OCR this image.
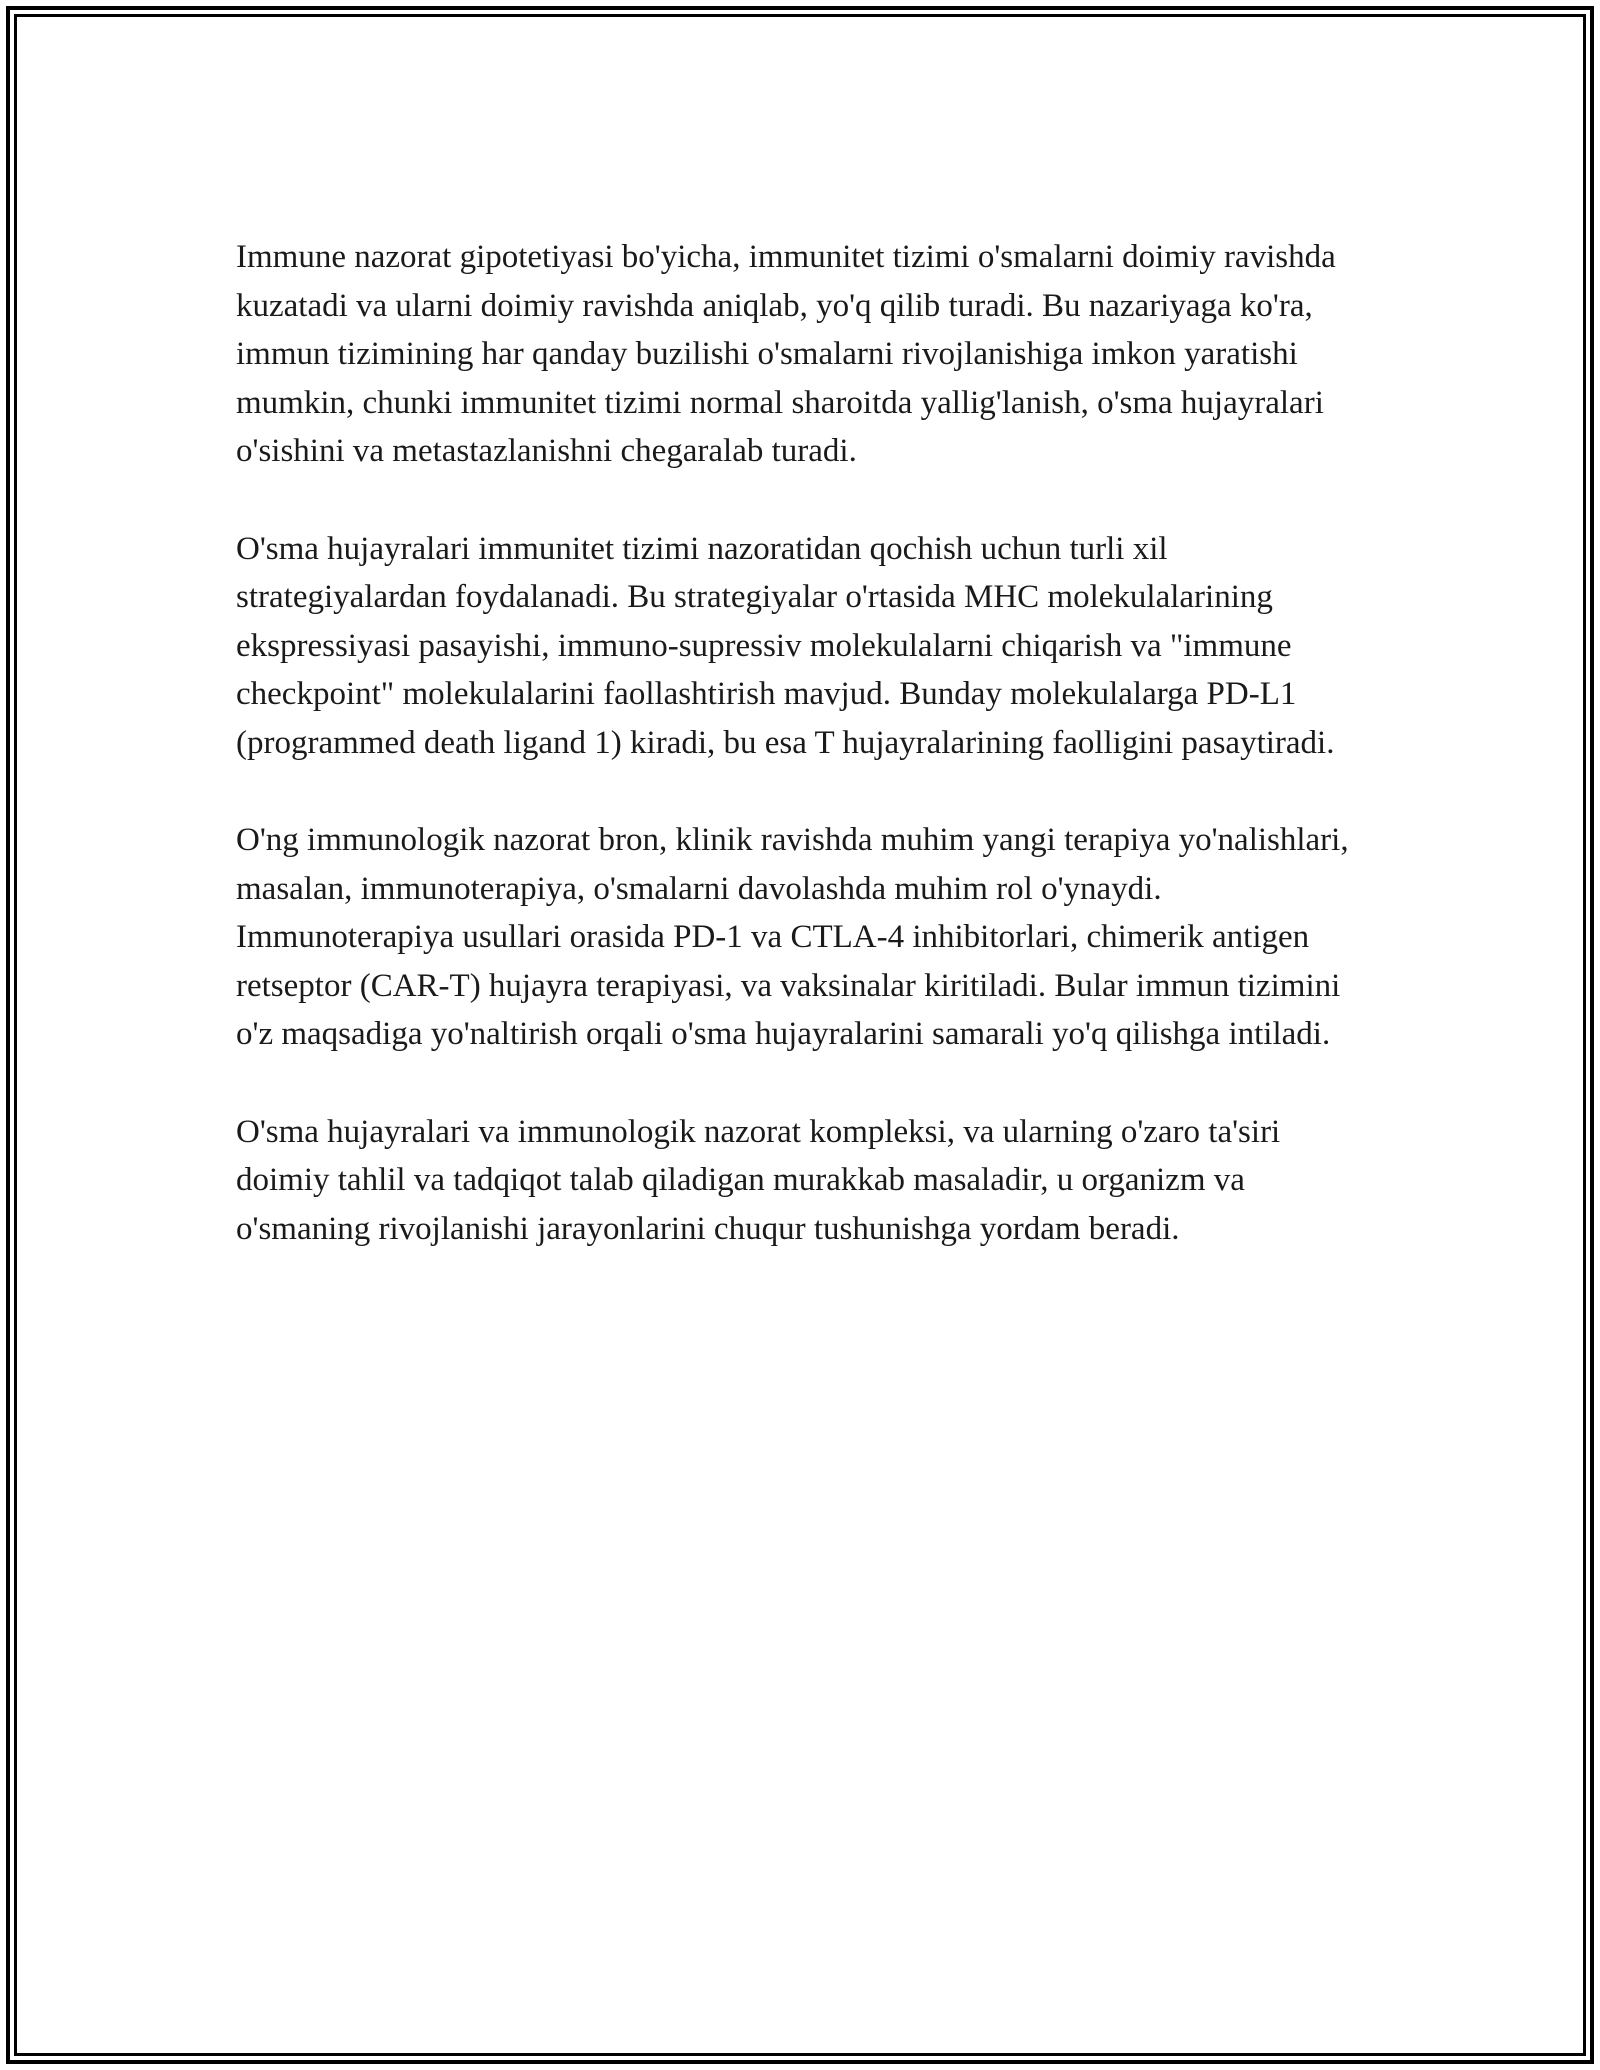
Immune nazorat gipotetiyasi bo'yicha, immunitet tizimi o'smalarni doimiy ravishda kuzatadi va ularni doimiy ravishda aniqlab, yo'q qilib turadi. Bu nazariyaga ko'ra, immun tizimining har qanday buzilishi o'smalarni rivojlanishiga imkon yaratishi mumkin, chunki immunitet tizimi normal sharoitda yallig'lanish, o'sma hujayralari o'sishini va metastazlanishni chegaralab turadi.

O'sma hujayralari immunitet tizimi nazoratidan qochish uchun turli xil strategiyalardan foydalanadi. Bu strategiyalar o'rtasida MHC molekulalarining ekspressiyasi pasayishi, immuno-supressiv molekulalarni chiqarish va "immune checkpoint" molekulalarini faollashtirish mavjud. Bunday molekulalarga PD-L1 (programmed death ligand 1) kiradi, bu esa T hujayralarining faolligini pasaytiradi.

O'ng immunologik nazorat bron, klinik ravishda muhim yangi terapiya yo'nalishlari, masalan, immunoterapiya, o'smalarni davolashda muhim rol o'ynaydi. Immunoterapiya usullari orasida PD-1 va CTLA-4 inhibitorlari, chimerik antigen retseptor (CAR-T) hujayra terapiyasi, va vaksinalar kiritiladi. Bular immun tizimini o'z maqsadiga yo'naltirish orqali o'sma hujayralarini samarali yo'q qilishga intiladi.

O'sma hujayralari va immunologik nazorat kompleksi, va ularning o'zaro ta'siri doimiy tahlil va tadqiqot talab qiladigan murakkab masaladir, u organizm va o'smaning rivojlanishi jarayonlarini chuqur tushunishga yordam beradi.
